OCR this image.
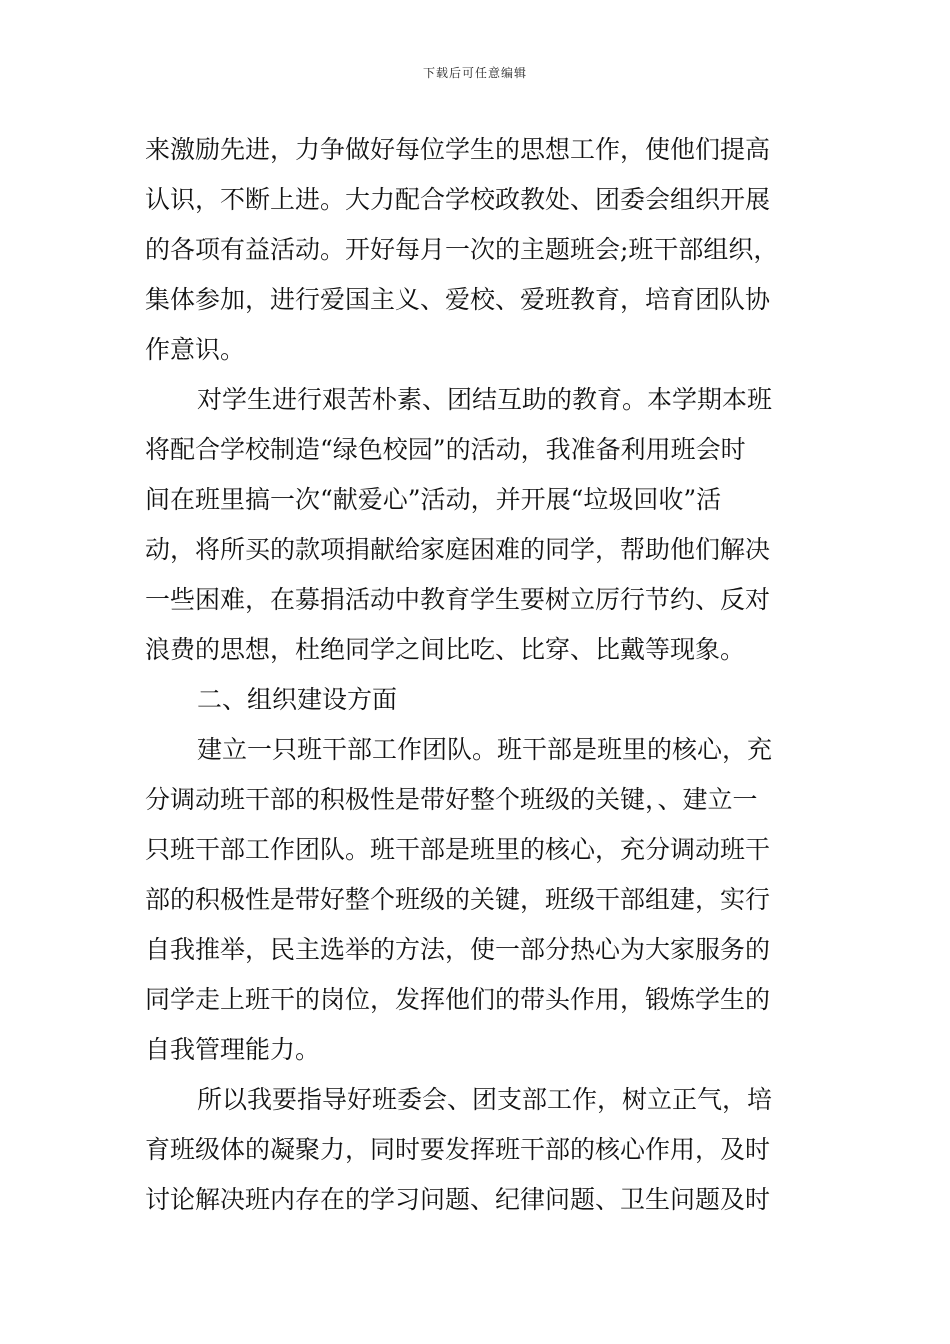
下载后可任意编辑
来激励先进，力争做好每位学生的思想工作，使他们提高
认识，不断上进。大力配合学校政教处、团委会组织开展
的各项有益活动。开好每月一次的主题班会;班干部组织，
集体参加，进行爱国主义、爱校、爱班教育，培育团队协
作意识。
对学生进行艰苦朴素、团结互助的教育。本学期本班
将配合学校制造“绿色校园”的活动，我准备利用班会时
间在班里搞一次“献爱心”活动，并开展“垃圾回收”活
动，将所买的款项捐献给家庭困难的同学，帮助他们解决
一些困难，在募捐活动中教育学生要树立厉行节约、反对
浪费的思想，杜绝同学之间比吃、比穿、比戴等现象。
二、组织建设方面
建立一只班干部工作团队。班干部是班里的核心，充
分调动班干部的积极性是带好整个班级的关键，、建立一
只班干部工作团队。班干部是班里的核心，充分调动班干
部的积极性是带好整个班级的关键，班级干部组建，实行
自我推举，民主选举的方法，使一部分热心为大家服务的
同学走上班干的岗位，发挥他们的带头作用，锻炼学生的
自我管理能力。
所以我要指导好班委会、团支部工作，树立正气，培
育班级体的凝聚力，同时要发挥班干部的核心作用，及时
讨论解决班内存在的学习问题、纪律问题、卫生问题及时
